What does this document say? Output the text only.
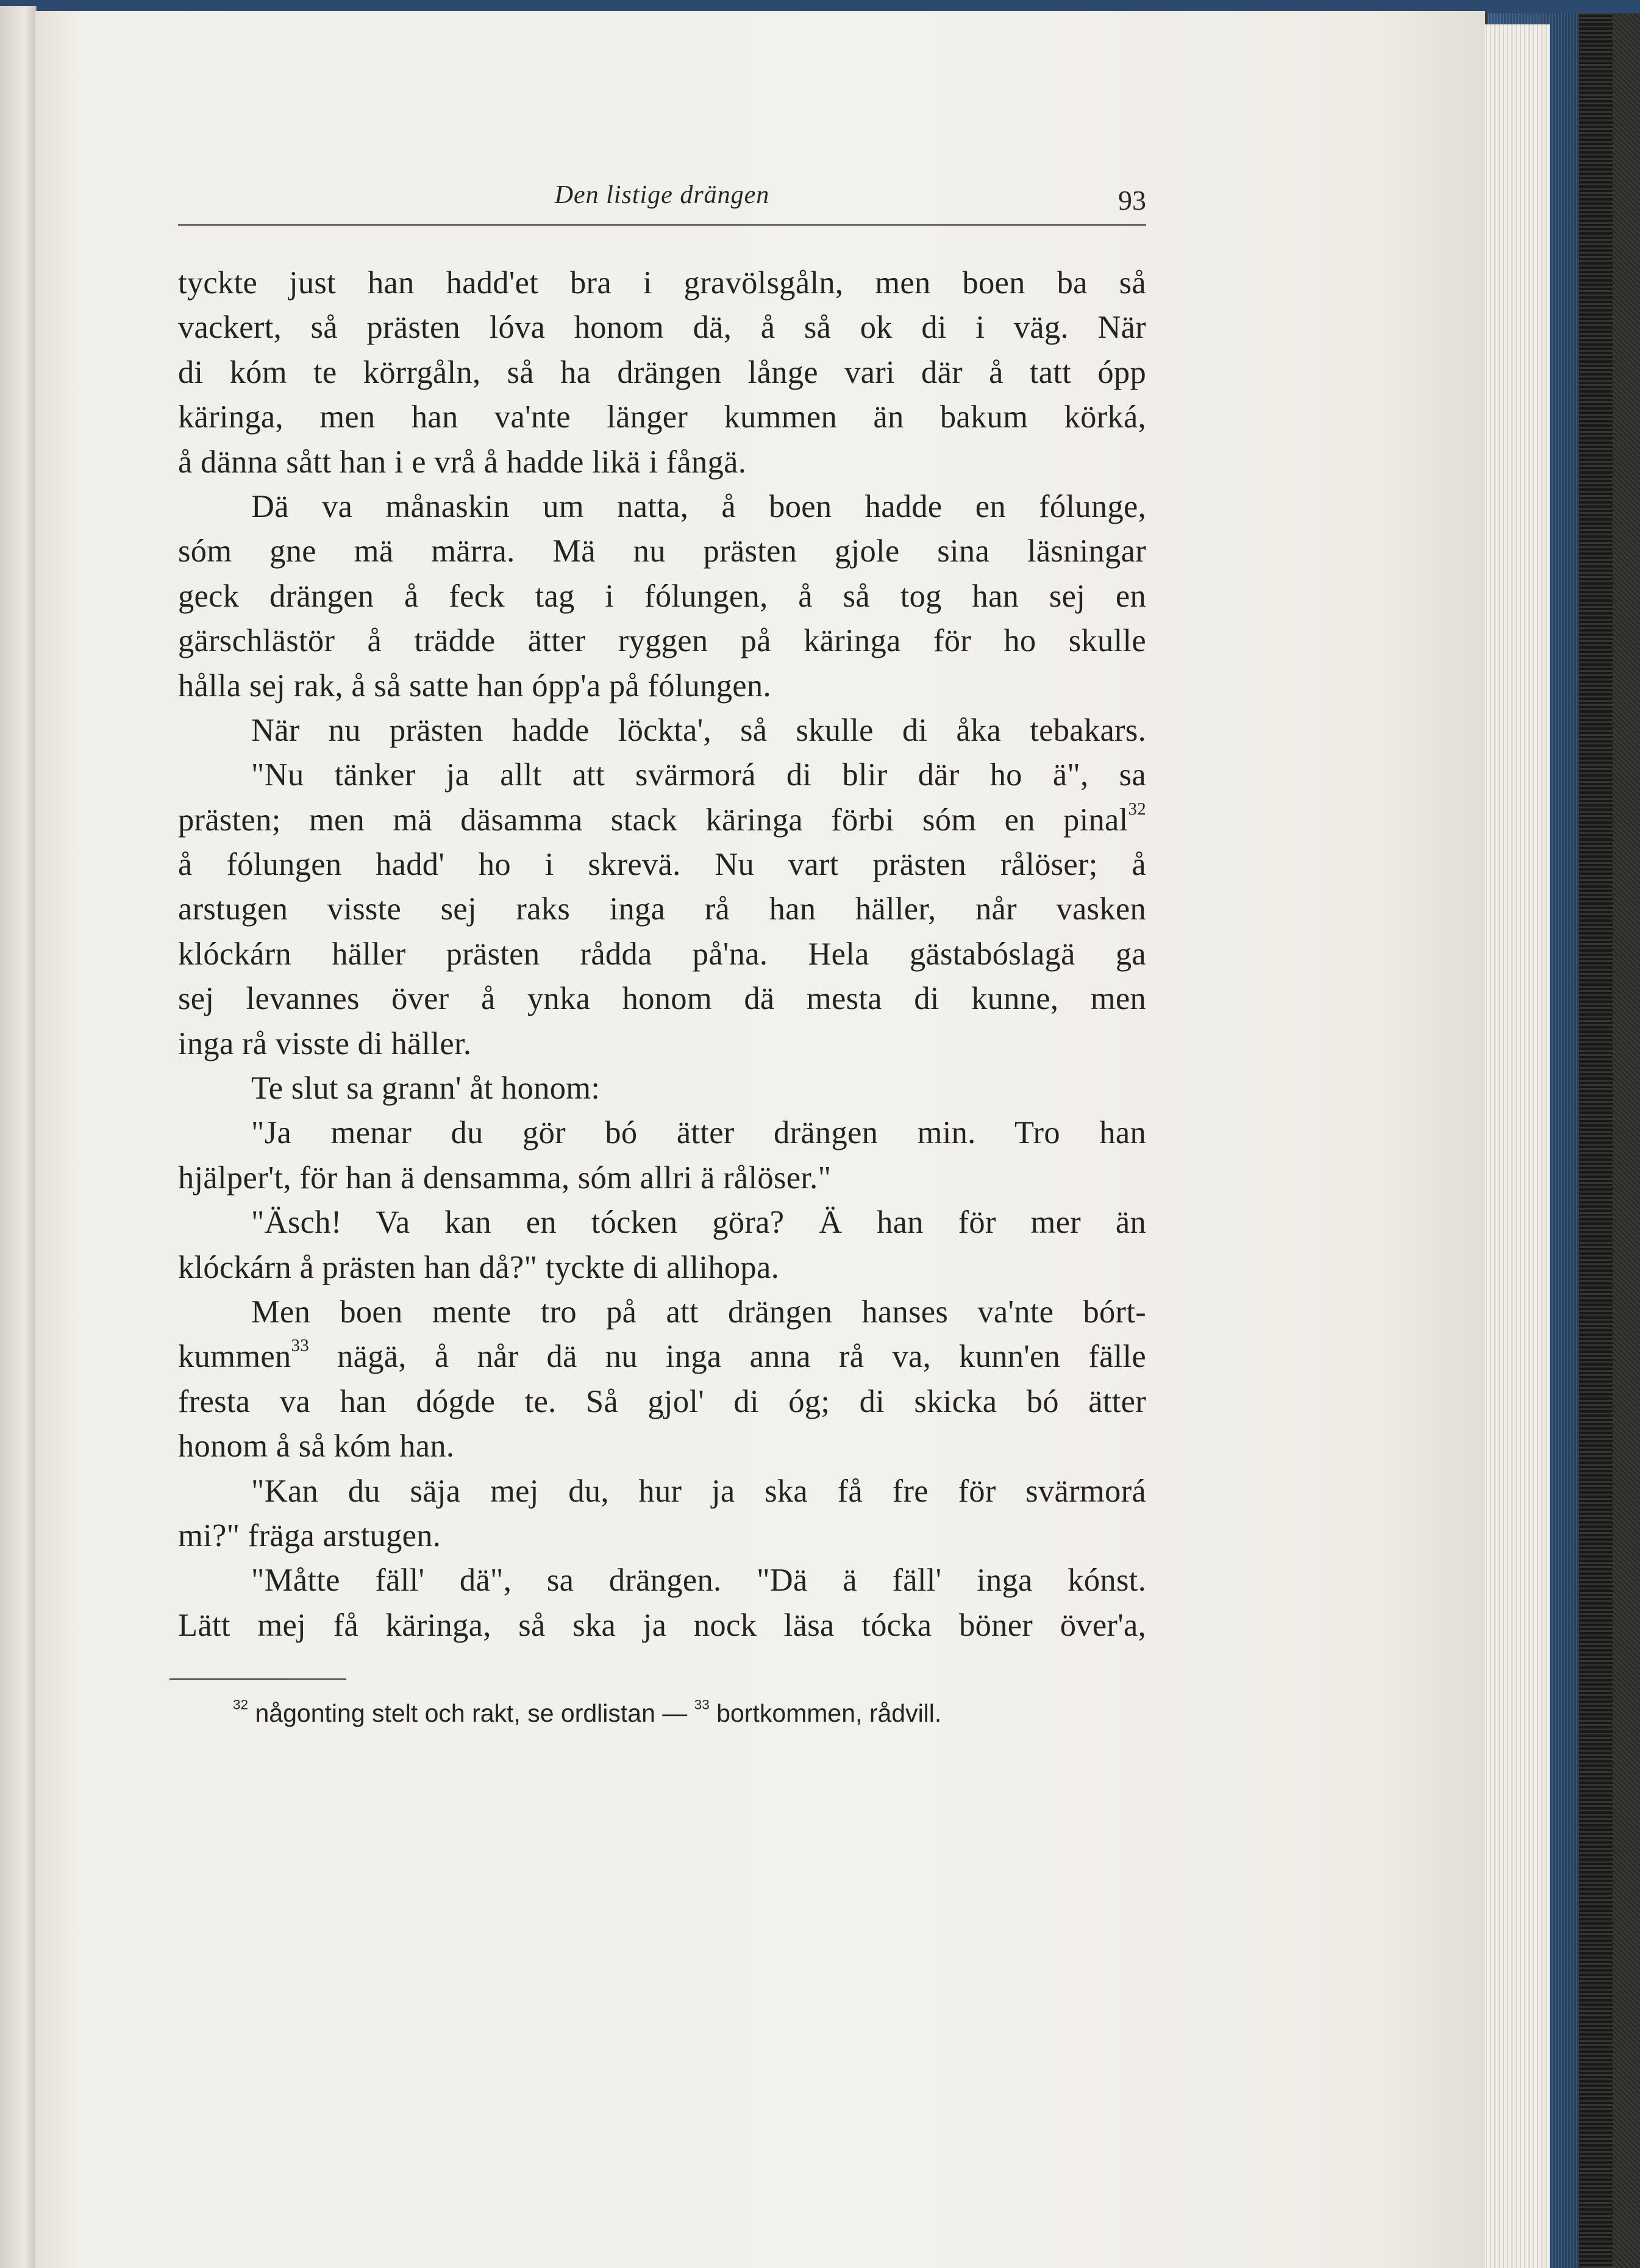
Den listige drängen	93
tyckte just han hadd'et bra i gravölsgåln, men boen ba så
vackert, så prästen lóva honom dä, å så ok di i väg. När
di kóm te körrgåln, så ha drängen långe vari där å tatt ópp
käringa, men han va'nte länger kummen än bakum körká,
å dänna sått han i e vrå å hadde likä i fångä.
Dä va månaskin um natta, å boen hadde en fólunge,
sóm gne mä märra. Mä nu prästen gjole sina läsningar
geck drängen å feck tag i fólungen, å så tog han sej en
gärschlästör å trädde ätter ryggen på käringa för ho skulle
hålla sej rak, å så satte han ópp'a på fólungen.
När nu prästen hadde löckta', så skulle di åka tebakars.
"Nu tänker ja allt att svärmorá di blir där ho ä", sa
prästen; men mä däsamma stack käringa förbi sóm en pinal$^{32}$
å fólungen hadd' ho i skrevä. Nu vart prästen rålöser; å
arstugen visste sej raks inga rå han häller, når vasken
klóckárn häller prästen rådda på'na. Hela gästabóslagä ga
sej levannes över å ynka honom dä mesta di kunne, men
inga rå visste di häller.
Te slut sa grann' åt honom:
"Ja menar du gör bó ätter drängen min. Tro han
hjälper't, för han ä densamma, sóm allri ä rålöser."
"Äsch! Va kan en tócken göra? Ä han för mer än
klóckárn å prästen han då?" tyckte di allihopa.
Men boen mente tro på att drängen hanses va'nte bórt-
kummen$^{33}$ nägä, å når dä nu inga anna rå va, kunn'en fälle
fresta va han dógde te. Så gjol' di óg; di skicka bó ätter
honom å så kóm han.
"Kan du säja mej du, hur ja ska få fre för svärmorá
mi?" fräga arstugen.
"Måtte fäll' dä", sa drängen. "Dä ä fäll' inga kónst.
Lätt mej få käringa, så ska ja nock läsa tócka böner över'a,
$^{32}$ någonting stelt och rakt, se ordlistan — $^{33}$ bortkommen, rådvill.
